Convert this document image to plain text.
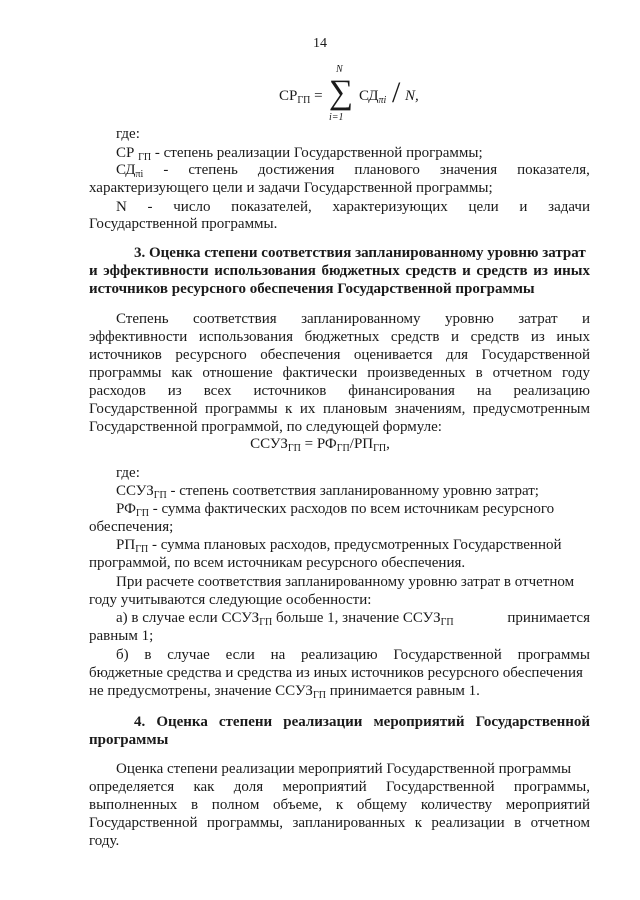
14
$СР_{ГП}$ =
N
∑
i=1
$СД_{\pi i}$ / N,
где:
СР $_{ГП}$ - степень реализации Государственной программы;
$СД_{\pi i}$ - степень достижения планового значения показателя,
характеризующего цели и задачи Государственной программы;
N - число показателей, характеризующих цели и задачи
Государственной программы.
3. Оценка степени соответствия запланированному уровню затрат
и эффективности использования бюджетных средств и средств из иных
источников ресурсного обеспечения Государственной программы
Степень соответствия запланированному уровню затрат и
эффективности использования бюджетных средств и средств из иных
источников ресурсного обеспечения оценивается для Государственной
программы как отношение фактически произведенных в отчетном году
расходов из всех источников финансирования на реализацию
Государственной программы к их плановым значениям, предусмотренным
Государственной программой, по следующей формуле:
$ССУЗ_{ГП} = РФ_{ГП}/РП_{ГП}$,
где:
$ССУЗ_{ГП}$ - степень соответствия запланированному уровню затрат;
$РФ_{ГП}$ - сумма фактических расходов по всем источникам ресурсного
обеспечения;
$РП_{ГП}$ - сумма плановых расходов, предусмотренных Государственной
программой, по всем источникам ресурсного обеспечения.
При расчете соответствия запланированному уровню затрат в отчетном
году учитываются следующие особенности:
а) в случае если $ССУЗ_{ГП}$ больше 1, значение $ССУЗ_{ГП}$	принимается
равным 1;
б) в случае если на реализацию Государственной программы
бюджетные средства и средства из иных источников ресурсного обеспечения
не предусмотрены, значение $ССУЗ_{ГП}$ принимается равным 1.
4. Оценка степени реализации мероприятий Государственной
программы
Оценка степени реализации мероприятий Государственной программы
определяется как доля мероприятий Государственной программы,
выполненных в полном объеме, к общему количеству мероприятий
Государственной программы, запланированных к реализации в отчетном
году.
